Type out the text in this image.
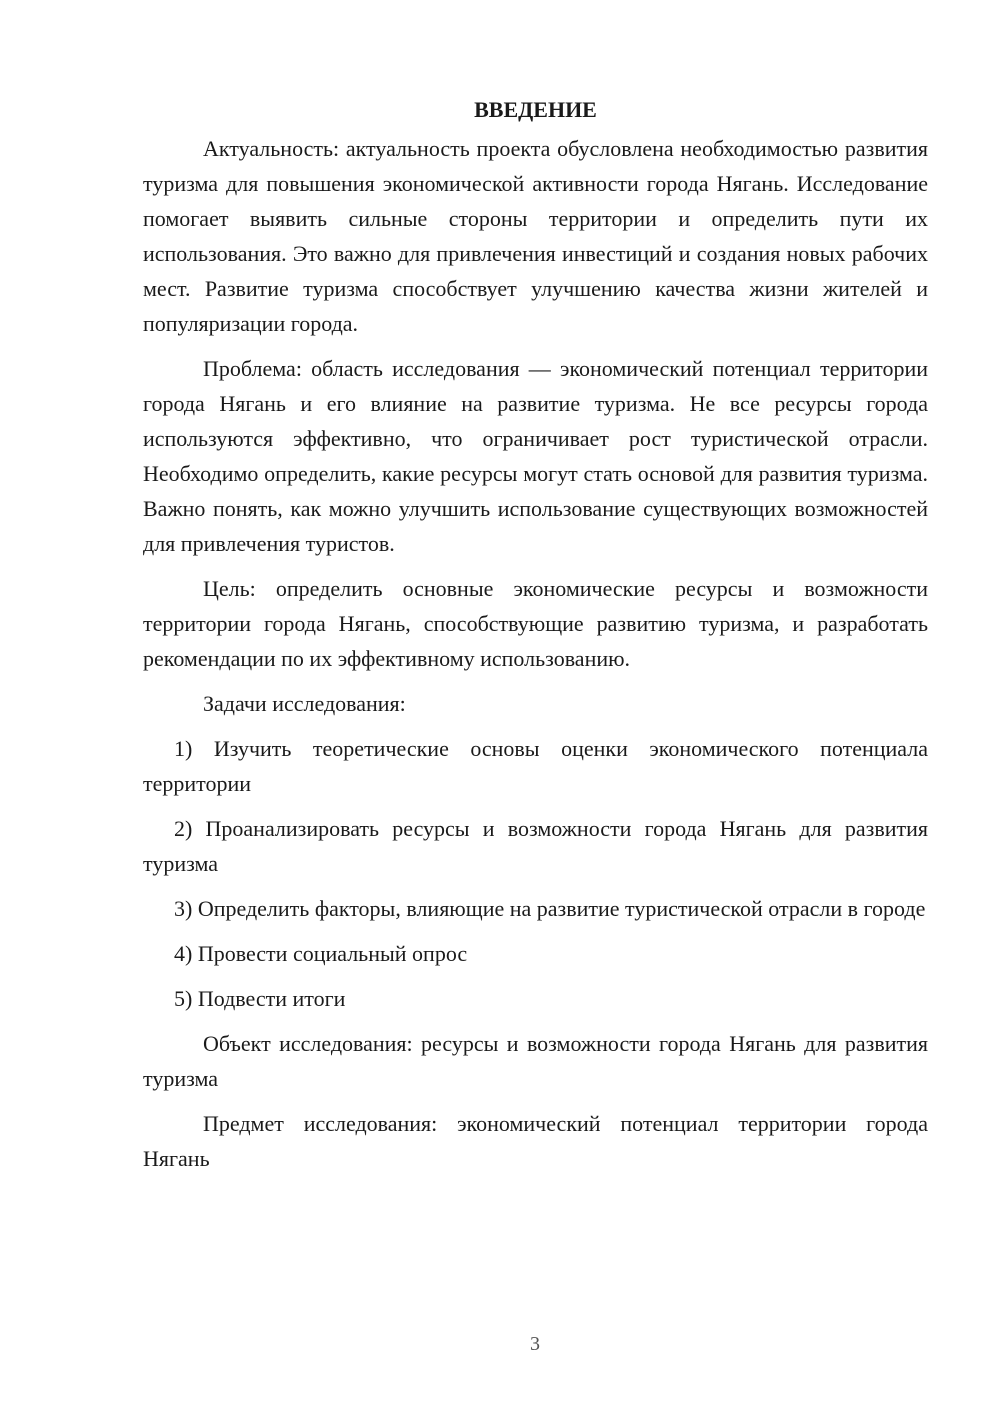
ВВЕДЕНИЕ

Актуальность: актуальность проекта обусловлена необходимостью развития туризма для повышения экономической активности города Нягань. Исследование помогает выявить сильные стороны территории и определить пути их использования. Это важно для привлечения инвестиций и создания новых рабочих мест. Развитие туризма способствует улучшению качества жизни жителей и популяризации города.

Проблема: область исследования — экономический потенциал территории города Нягань и его влияние на развитие туризма. Не все ресурсы города используются эффективно, что ограничивает рост туристической отрасли. Необходимо определить, какие ресурсы могут стать основой для развития туризма. Важно понять, как можно улучшить использование существующих возможностей для привлечения туристов.

Цель: определить основные экономические ресурсы и возможности территории города Нягань, способствующие развитию туризма, и разработать рекомендации по их эффективному использованию.

Задачи исследования:

1) Изучить теоретические основы оценки экономического потенциала территории

2) Проанализировать ресурсы и возможности города Нягань для развития туризма

3) Определить факторы, влияющие на развитие туристической отрасли в городе

4) Провести социальный опрос

5) Подвести итоги

Объект исследования: ресурсы и возможности города Нягань для развития туризма

Предмет исследования: экономический потенциал территории города Нягань

3
